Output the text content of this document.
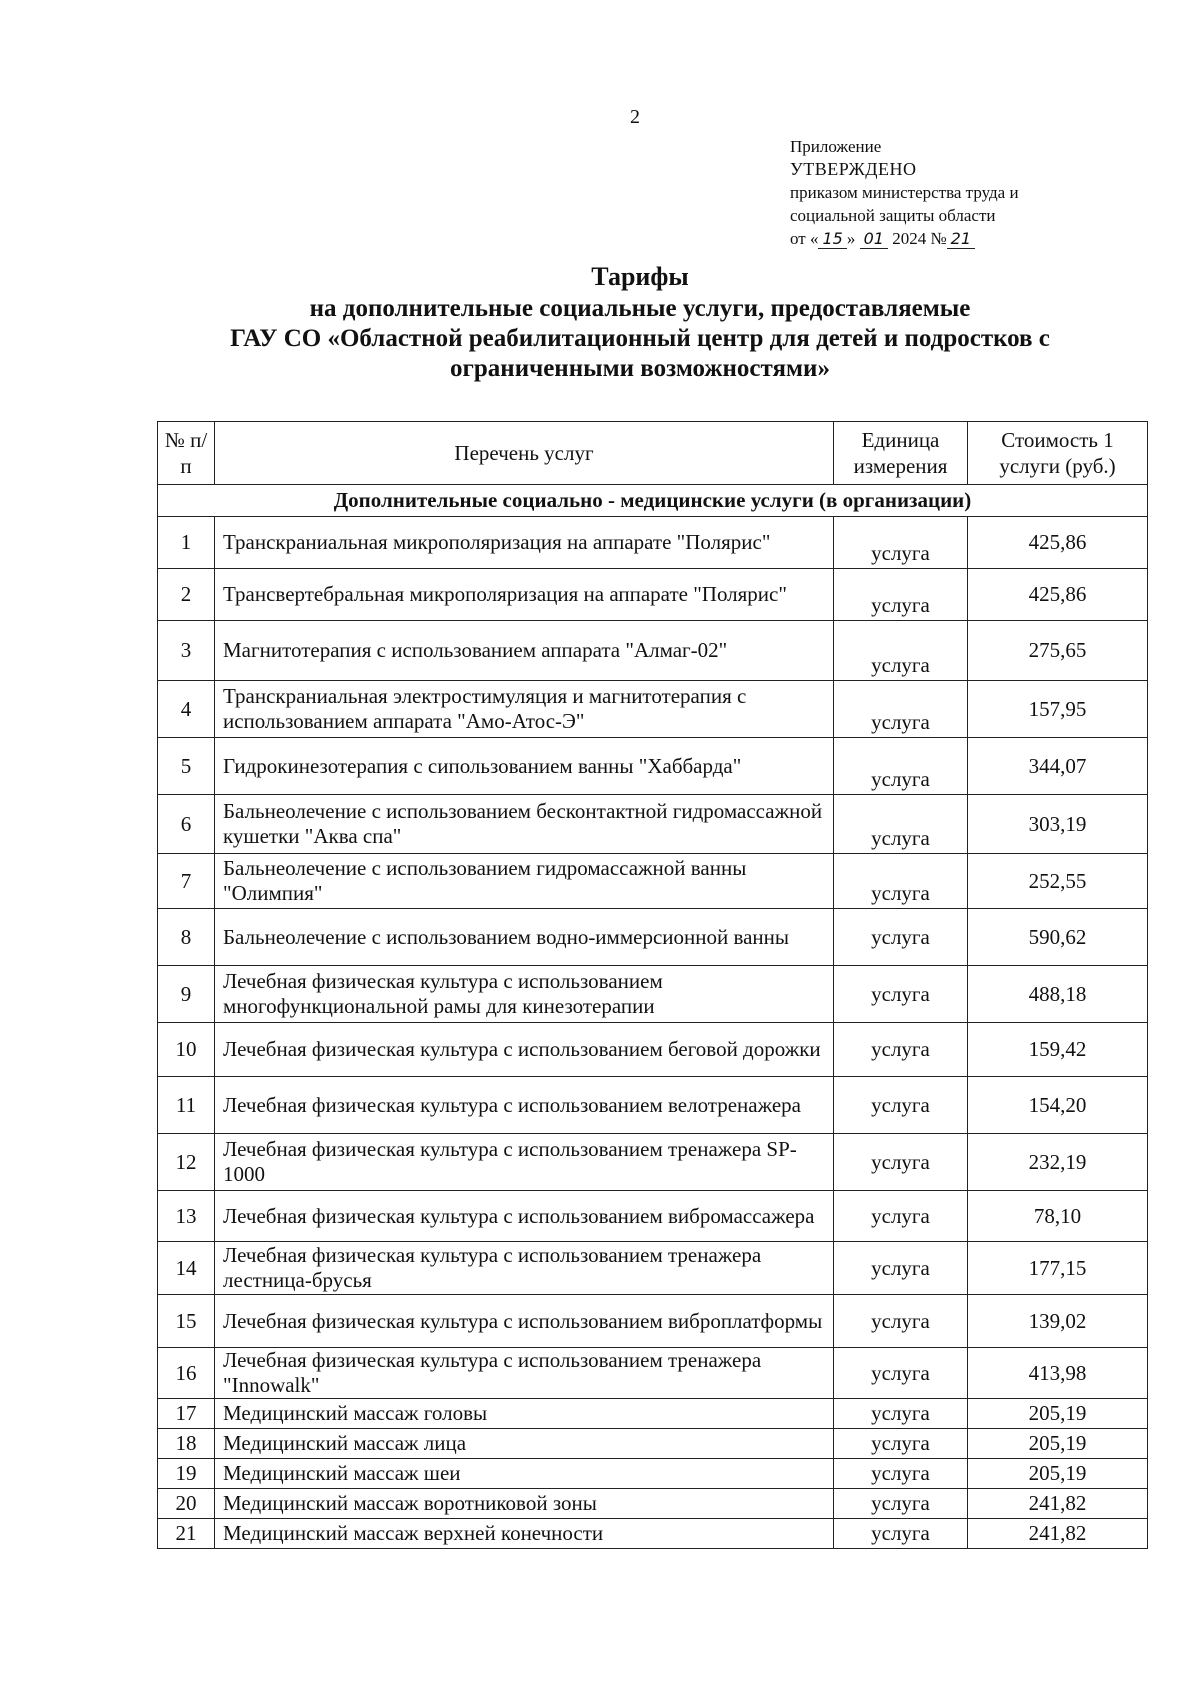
2
Приложение
УТВЕРЖДЕНО
приказом министерства труда и
социальной защиты области
от « 15 » 01 2024 № 21
Тарифы
на дополнительные социальные услуги, предоставляемые
ГАУ СО «Областной реабилитационный центр для детей и подростков с
ограниченными возможностями»
№ п/п	Перечень услуг	Единица измерения	Стоимость 1 услуги (руб.)
Дополнительные социально - медицинские услуги (в организации)			
1	Транскраниальная микрополяризация на аппарате "Полярис"	услуга	425,86
2	Трансвертебральная микрополяризация на аппарате "Полярис"	услуга	425,86
3	Магнитотерапия с использованием аппарата "Алмаг-02"	услуга	275,65
4	Транскраниальная электростимуляция и магнитотерапия с использованием аппарата "Амо-Атос-Э"	услуга	157,95
5	Гидрокинезотерапия с сипользованием ванны "Хаббарда"	услуга	344,07
6	Бальнеолечение с использованием бесконтактной гидромассажной кушетки "Аква спа"	услуга	303,19
7	Бальнеолечение с использованием гидромассажной ванны "Олимпия"	услуга	252,55
8	Бальнеолечение с использованием водно-иммерсионной ванны	услуга	590,62
9	Лечебная физическая культура с использованием многофункциональной рамы для кинезотерапии	услуга	488,18
10	Лечебная физическая культура с использованием беговой дорожки	услуга	159,42
11	Лечебная физическая культура с использованием велотренажера	услуга	154,20
12	Лечебная физическая культура с использованием тренажера SP-1000	услуга	232,19
13	Лечебная физическая культура с использованием вибромассажера	услуга	78,10
14	Лечебная физическая культура с использованием тренажера лестница-брусья	услуга	177,15
15	Лечебная физическая культура с использованием виброплатформы	услуга	139,02
16	Лечебная физическая культура с использованием тренажера "Innowalk"	услуга	413,98
17	Медицинский массаж головы	услуга	205,19
18	Медицинский массаж лица	услуга	205,19
19	Медицинский массаж шеи	услуга	205,19
20	Медицинский массаж воротниковой зоны	услуга	241,82
21	Медицинский массаж верхней конечности	услуга	241,82
